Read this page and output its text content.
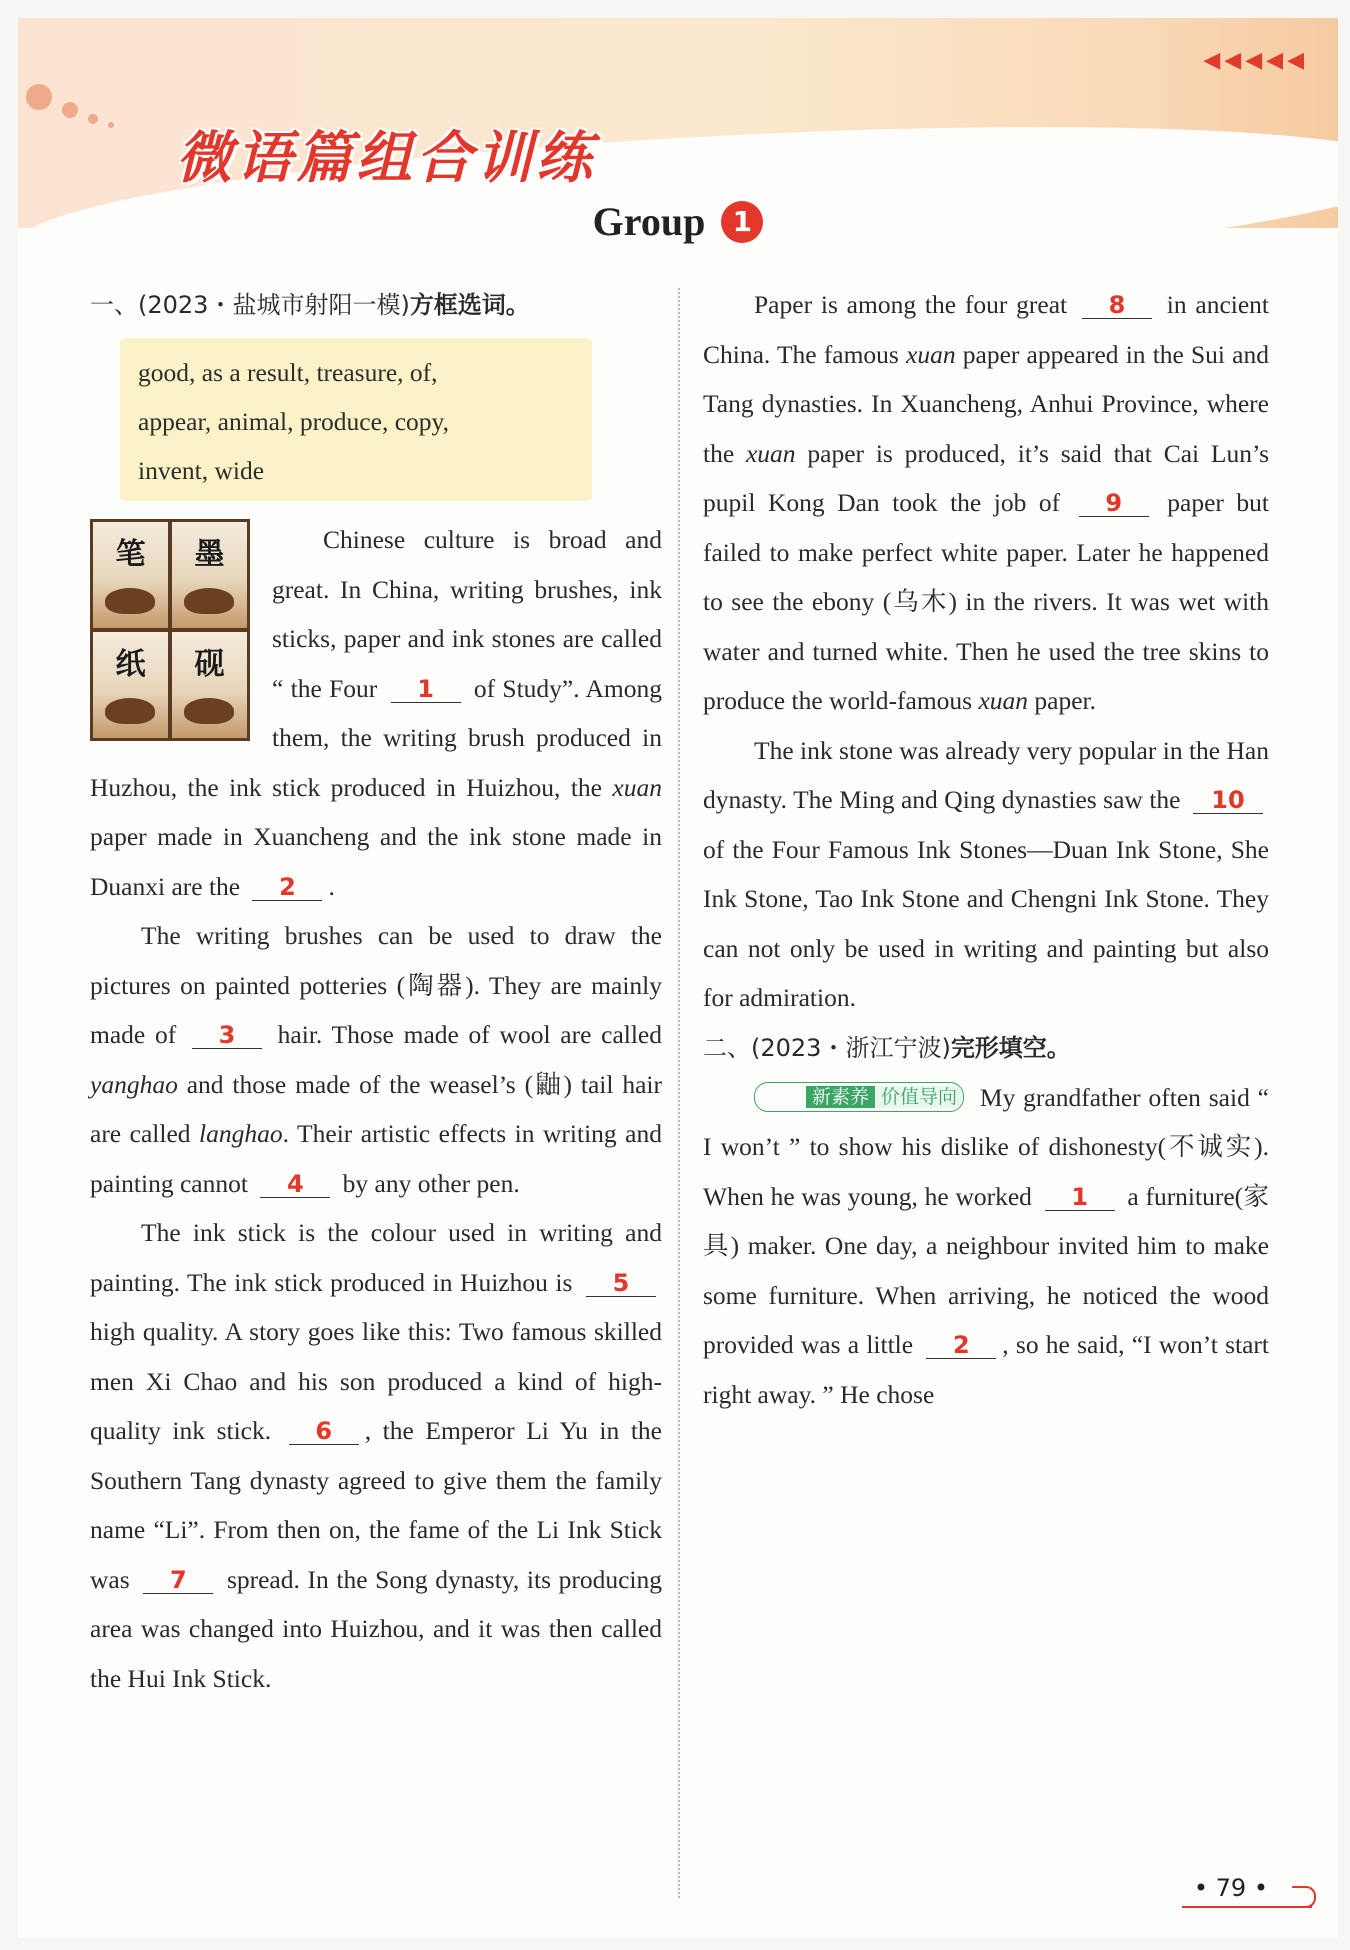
◀◀◀◀◀
微语篇组合训练
Group 1
一、(2023・盐城市射阳一模)方框选词。
good, as a result, treasure, of,
appear, animal, produce, copy,
invent, wide
笔 墨
纸 砚

Chinese culture is broad and great. In China, writing brushes, ink sticks, paper and ink stones are called “ the Four 1 of Study”. Among them, the writing brush produced in Huzhou, the ink stick produced in Huizhou, the xuan paper made in Xuancheng and the ink stone made in Duanxi are the 2 .

The writing brushes can be used to draw the pictures on painted potteries (陶器). They are mainly made of 3 hair. Those made of wool are called yanghao and those made of the weasel’s (鼬) tail hair are called langhao. Their artistic effects in writing and painting cannot 4 by any other pen.

The ink stick is the colour used in writing and painting. The ink stick produced in Huizhou is 5 high quality. A story goes like this: Two famous skilled men Xi Chao and his son produced a kind of high-quality ink stick. 6 , the Emperor Li Yu in the Southern Tang dynasty agreed to give them the family name “Li”. From then on, the fame of the Li Ink Stick was 7 spread. In the Song dynasty, its producing area was changed into Huizhou, and it was then called the Hui Ink Stick.

Paper is among the four great 8 in ancient China. The famous xuan paper appeared in the Sui and Tang dynasties. In Xuancheng, Anhui Province, where the xuan paper is produced, it’s said that Cai Lun’s pupil Kong Dan took the job of 9 paper but failed to make perfect white paper. Later he happened to see the ebony (乌木) in the rivers. It was wet with water and turned white. Then he used the tree skins to produce the world-famous xuan paper.

The ink stone was already very popular in the Han dynasty. The Ming and Qing dynasties saw the 10 of the Four Famous Ink Stones—Duan Ink Stone, She Ink Stone, Tao Ink Stone and Chengni Ink Stone. They can not only be used in writing and painting but also for admiration.

二、(2023・浙江宁波)完形填空。

新素养 价值导向 My grandfather often said “ I won’t ” to show his dislike of dishonesty(不诚实). When he was young, he worked 1 a furniture(家具) maker. One day, a neighbour invited him to make some furniture. When arriving, he noticed the wood provided was a little 2 , so he said, “I won’t start right away. ” He chose

• 79 •
